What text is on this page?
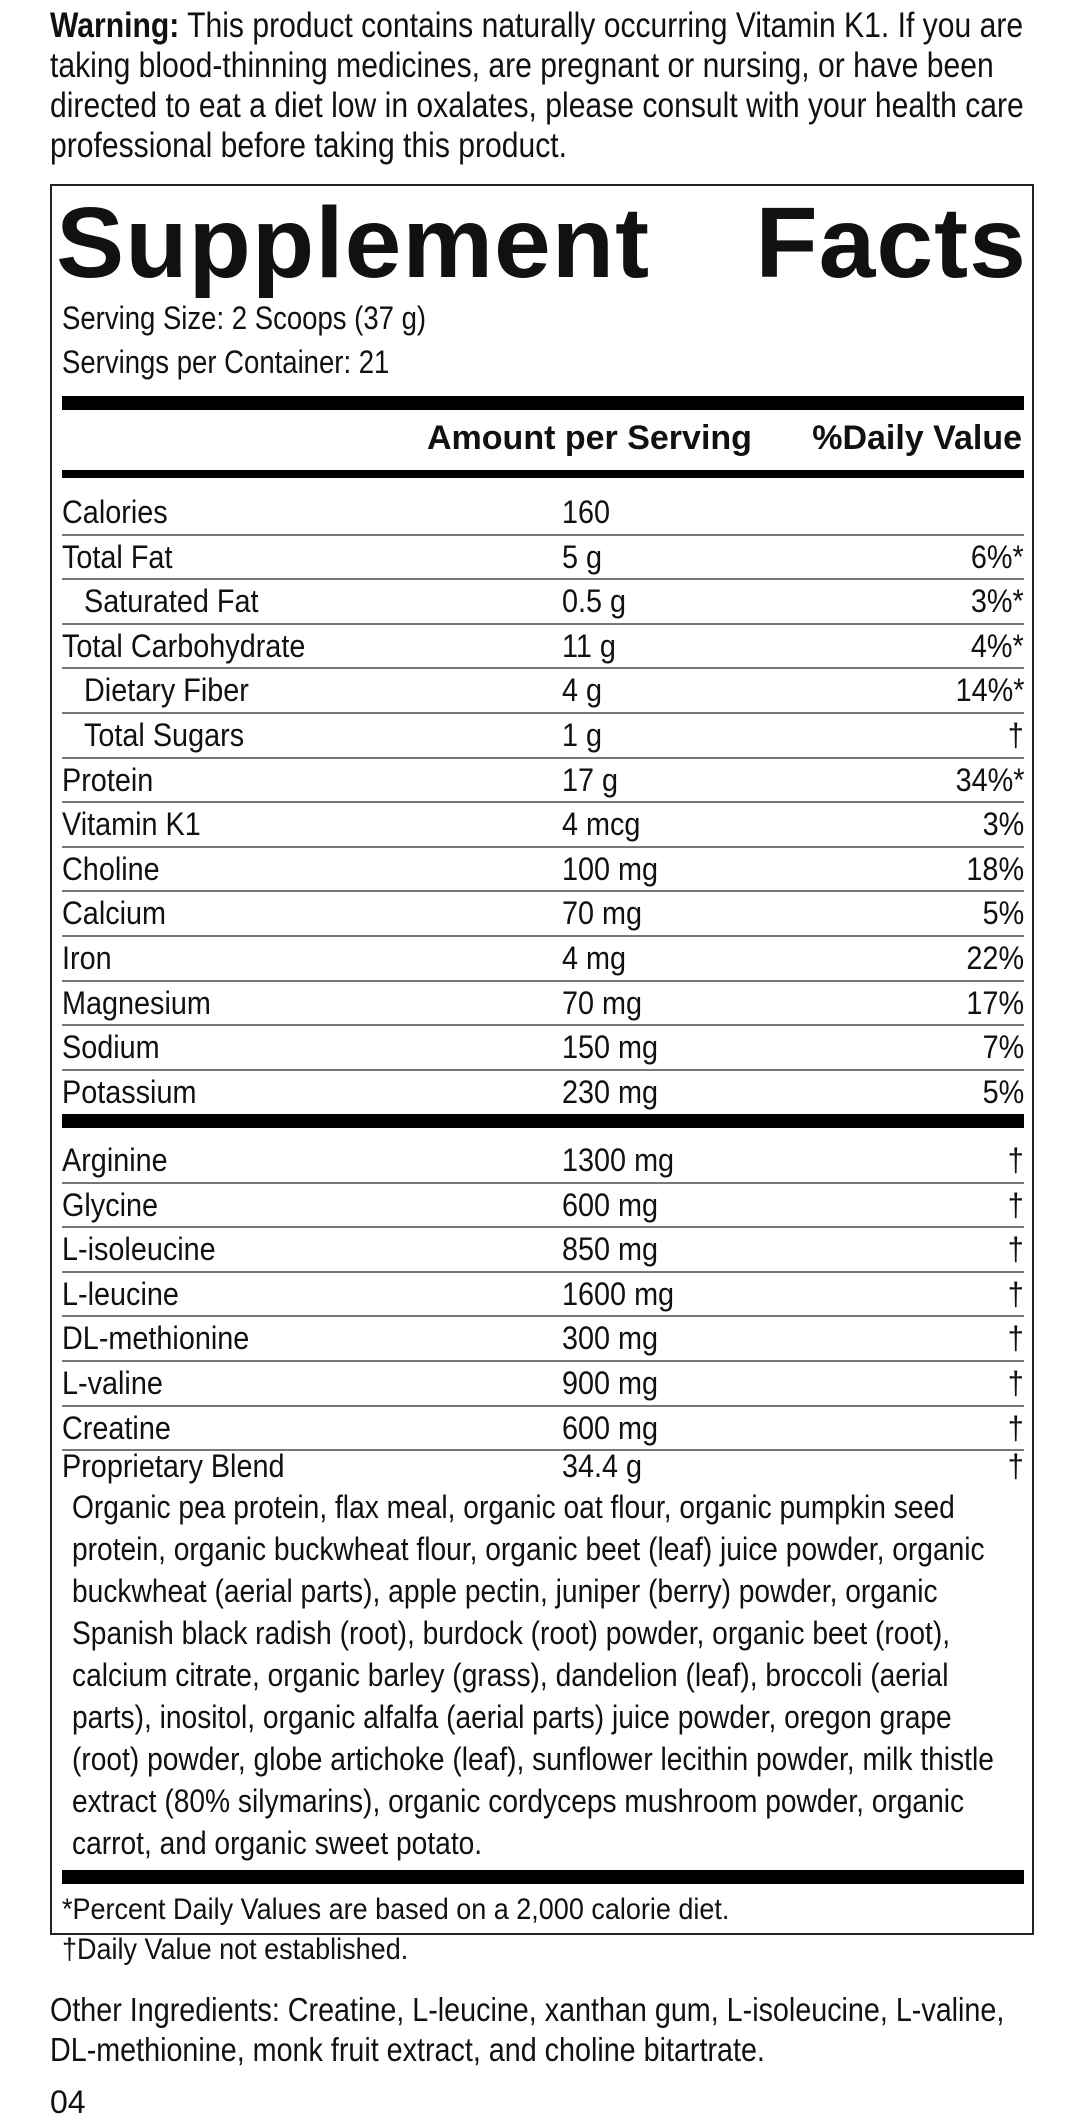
Warning: This product contains naturally occurring Vitamin K1. If you are taking blood-thinning medicines, are pregnant or nursing, or have been directed to eat a diet low in oxalates, please consult with your health care professional before taking this product.
Supplement Facts
Serving Size: 2 Scoops (37 g)
Servings per Container: 21
Amount per Serving %Daily Value
Calories	160
Total Fat	5 g	6%*
Saturated Fat	0.5 g	3%*
Total Carbohydrate	11 g	4%*
Dietary Fiber	4 g	14%*
Total Sugars	1 g	†
Protein	17 g	34%*
Vitamin K1	4 mcg	3%
Choline	100 mg	18%
Calcium	70 mg	5%
Iron	4 mg	22%
Magnesium	70 mg	17%
Sodium	150 mg	7%
Potassium	230 mg	5%
Arginine	1300 mg	†
Glycine	600 mg	†
L-isoleucine	850 mg	†
L-leucine	1600 mg	†
DL-methionine	300 mg	†
L-valine	900 mg	†
Creatine	600 mg	†
Proprietary Blend	34.4 g	†
Organic pea protein, flax meal, organic oat flour, organic pumpkin seed protein, organic buckwheat flour, organic beet (leaf) juice powder, organic buckwheat (aerial parts), apple pectin, juniper (berry) powder, organic Spanish black radish (root), burdock (root) powder, organic beet (root), calcium citrate, organic barley (grass), dandelion (leaf), broccoli (aerial parts), inositol, organic alfalfa (aerial parts) juice powder, oregon grape (root) powder, globe artichoke (leaf), sunflower lecithin powder, milk thistle extract (80% silymarins), organic cordyceps mushroom powder, organic carrot, and organic sweet potato.
*Percent Daily Values are based on a 2,000 calorie diet.
†Daily Value not established.
Other Ingredients: Creatine, L-leucine, xanthan gum, L-isoleucine, L-valine, DL-methionine, monk fruit extract, and choline bitartrate.
04
